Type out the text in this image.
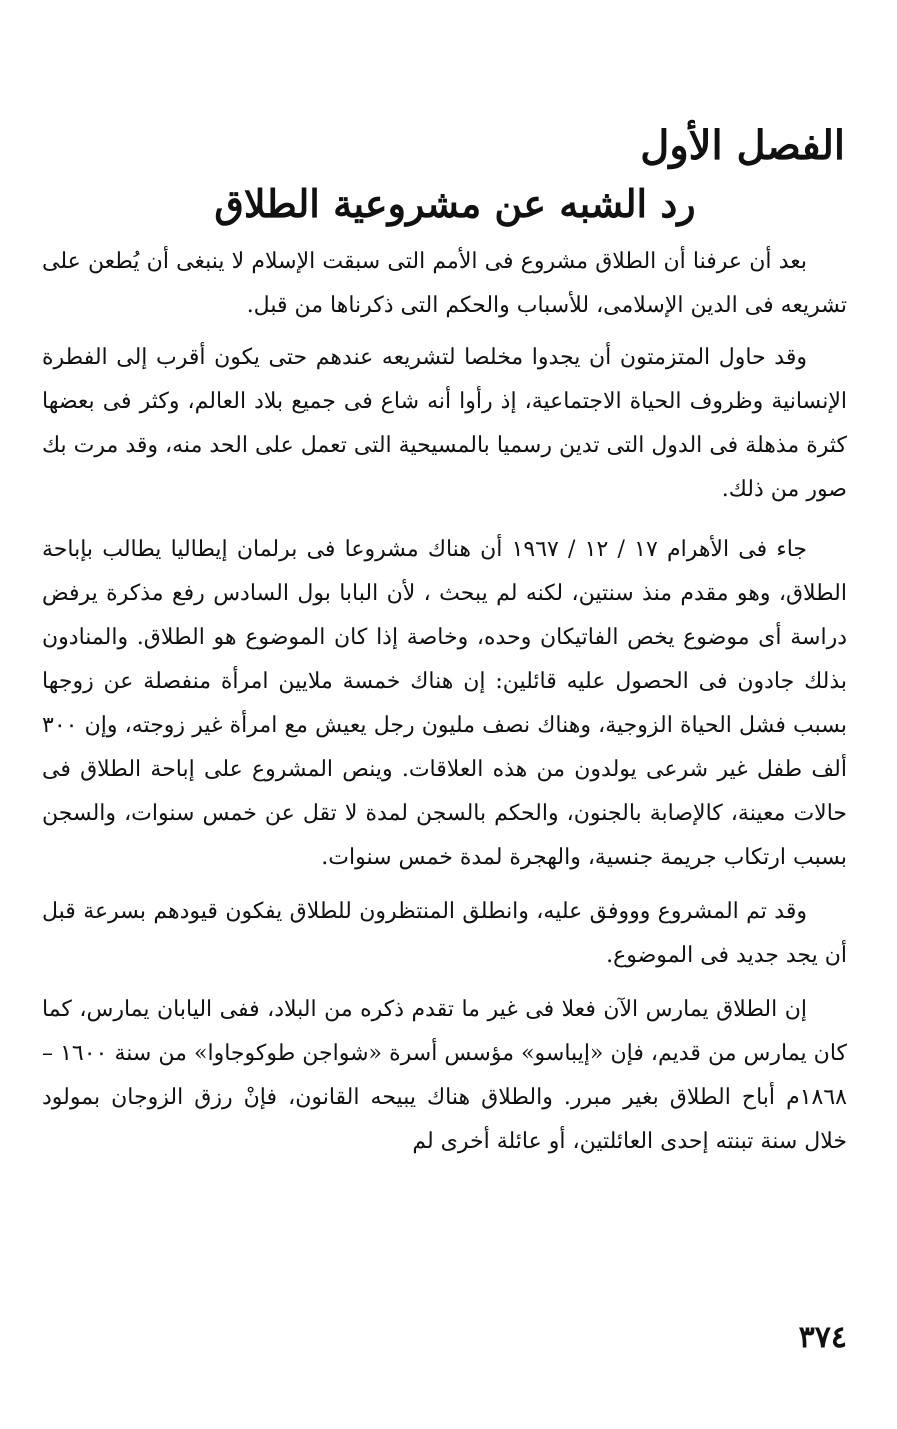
الفصل الأول
رد الشبه عن مشروعية الطلاق

بعد أن عرفنا أن الطلاق مشروع فى الأمم التى سبقت الإسلام لا ينبغى أن يُطعن على تشريعه فى الدين الإسلامى، للأسباب والحكم التى ذكرناها من قبل.

وقد حاول المتزمتون أن يجدوا مخلصا لتشريعه عندهم حتى يكون أقرب إلى الفطرة الإنسانية وظروف الحياة الاجتماعية، إذ رأوا أنه شاع فى جميع بلاد العالم، وكثر فى بعضها كثرة مذهلة فى الدول التى تدين رسميا بالمسيحية التى تعمل على الحد منه، وقد مرت بك صور من ذلك.

جاء فى الأهرام ١٧ / ١٢ / ١٩٦٧ أن هناك مشروعا فى برلمان إيطاليا يطالب بإباحة الطلاق، وهو مقدم منذ سنتين، لكنه لم يبحث ، لأن البابا بول السادس رفع مذكرة يرفض دراسة أى موضوع يخص الفاتيكان وحده، وخاصة إذا كان الموضوع هو الطلاق. والمنادون بذلك جادون فى الحصول عليه قائلين: إن هناك خمسة ملايين امرأة منفصلة عن زوجها بسبب فشل الحياة الزوجية، وهناك نصف مليون رجل يعيش مع امرأة غير زوجته، وإن ٣٠٠ ألف طفل غير شرعى يولدون من هذه العلاقات. وينص المشروع على إباحة الطلاق فى حالات معينة، كالإصابة بالجنون، والحكم بالسجن لمدة لا تقل عن خمس سنوات، والسجن بسبب ارتكاب جريمة جنسية، والهجرة لمدة خمس سنوات.

وقد تم المشروع وووفق عليه، وانطلق المنتظرون للطلاق يفكون قيودهم بسرعة قبل أن يجد جديد فى الموضوع.

إن الطلاق يمارس الآن فعلا فى غير ما تقدم ذكره من البلاد، ففى اليابان يمارس، كما كان يمارس من قديم، فإن «إيباسو» مؤسس أسرة «شواجن طوكوجاوا» من سنة ١٦٠٠ – ١٨٦٨م أباح الطلاق بغير مبرر. والطلاق هناك يبيحه القانون، فإنْ رزق الزوجان بمولود خلال سنة تبنته إحدى العائلتين، أو عائلة أخرى لم

٣٧٤
